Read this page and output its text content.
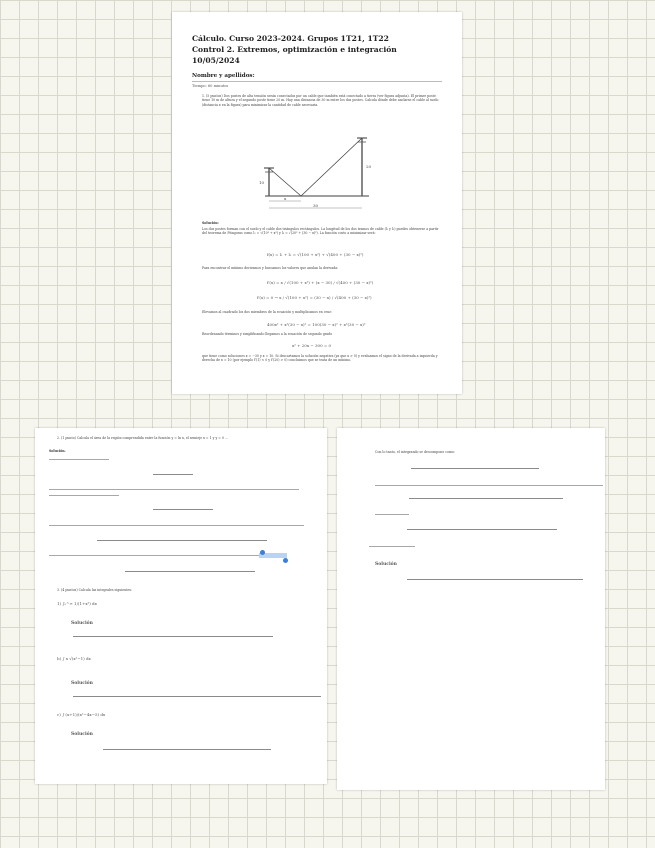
Cálculo. Curso 2023-2024. Grupos 1T21, 1T22
Control 2. Extremos, optimización e integración
10/05/2024
Nombre y apellidos:
Tiempo: 60 minutos
1. (5 puntos) Dos postes de alta tensión serán conectados por un cable que también está conectado a tierra (ver figura adjunta). El primer poste tiene 10 m de altura y el segundo poste tiene 20 m. Hay una distancia de 30 m entre los dos postes. Calcula dónde debe anclarse el cable al suelo (distancia x en la figura) para minimizar la cantidad de cable necesaria.
10
20
x
30
Solución:
Los dos postes forman con el suelo y el cable dos triángulos rectángulos. La longitud de los dos tramos de cable (l₁ y l₂) puedes obtenerse a partir del teorema de Pitagoras como l₁ = √(10² + x²) y l₂ = √(20² + (30 − x)²). La función costo a minimizar será:
f(x) = l₁ + l₂ = √(100 + x²) + √(400 + (30 − x)²)
Para encontrar el mínimo derivamos y buscamos los valores que anulan la derivada:
f′(x) = x / √(100 + x²) + (x − 30) / √(400 + (30 − x)²)
f′(x) = 0 → x / √(100 + x²) = (30 − x) / √(400 + (30 − x)²)
Elevamos al cuadrado los dos miembros de la ecuación y multiplicamos en cruz:
400x² + x²(30 − x)² = 100(30 − x)² + x²(30 − x)²
Reordenando términos y simplificando llegamos a la ecuación de segundo grado
x² + 20x − 300 = 0
que tiene como soluciones x = −30 y x = 10. Si descartamos la solución negativa (ya que x > 0) y evaluamos el signo de la derivada a izquierda y derecha de x = 10 (por ejemplo f′(1) < 0 y f′(20) > 0) concluimos que se trata de un mínimo.
2. (1 punto) Calcula el área de la región comprendida entre la función y = ln x, el semieje x = 1 y y = 0 ...
Solución.
3. (4 puntos) Calcula las integrales siguientes:
1) ∫₀^∞ 1/(1+x²) dx
Solución
b) ∫ x √(x²−1) dx
Solución
c) ∫ (x+1)/(x²−4x−5) dx
Solución
Con lo tanto, el integrando se descompone como:
Solución
